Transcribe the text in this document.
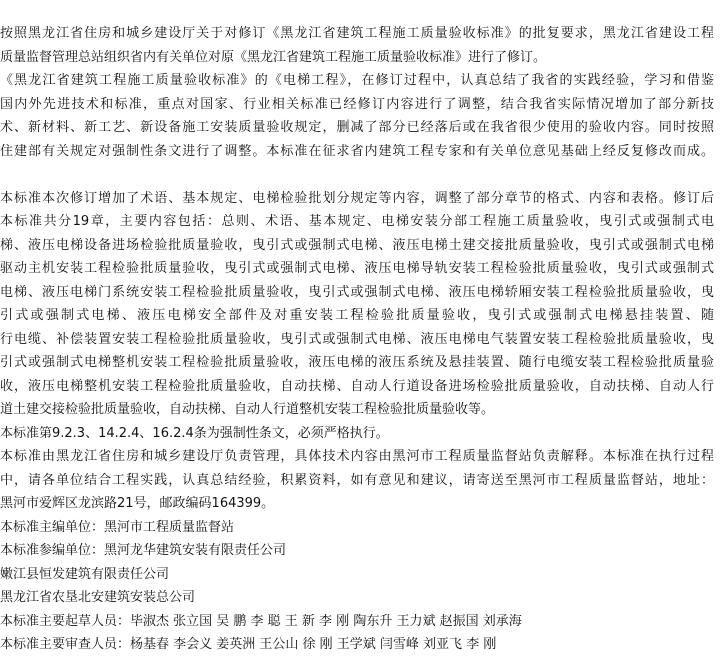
按照黑龙江省住房和城乡建设厅关于对修订《黑龙江省建筑工程施工质量验收标准》的批复要求，黑龙江省建设工程
质量监督管理总站组织省内有关单位对原《黑龙江省建筑工程施工质量验收标准》进行了修订。
《黑龙江省建筑工程施工质量验收标准》的《电梯工程》，在修订过程中，认真总结了我省的实践经验，学习和借鉴
国内外先进技术和标准，重点对国家、行业相关标准已经修订内容进行了调整，结合我省实际情况增加了部分新技
术、新材料、新工艺、新设备施工安装质量验收规定，删减了部分已经落后或在我省很少使用的验收内容。同时按照
住建部有关规定对强制性条文进行了调整。本标准在征求省内建筑工程专家和有关单位意见基础上经反复修改而成。
本标准本次修订增加了术语、基本规定、电梯检验批划分规定等内容，调整了部分章节的格式、内容和表格。修订后
本标准共分19章，主要内容包括：总则、术语、基本规定、电梯安装分部工程施工质量验收，曳引式或强制式电
梯、液压电梯设备进场检验批质量验收，曳引式或强制式电梯、液压电梯土建交接批质量验收，曳引式或强制式电梯
驱动主机安装工程检验批质量验收，曳引式或强制式电梯、液压电梯导轨安装工程检验批质量验收，曳引式或强制式
电梯、液压电梯门系统安装工程检验批质量验收，曳引式或强制式电梯、液压电梯轿厢安装工程检验批质量验收，曳
引式或强制式电梯、液压电梯安全部件及对重安装工程检验批质量验收，曳引式或强制式电梯悬挂装置、随
行电缆、补偿装置安装工程检验批质量验收，曳引式或强制式电梯、液压电梯电气装置安装工程检验批质量验收，曳
引式或强制式电梯整机安装工程检验批质量验收，液压电梯的液压系统及悬挂装置、随行电缆安装工程检验批质量验
收，液压电梯整机安装工程检验批质量验收，自动扶梯、自动人行道设备进场检验批质量验收，自动扶梯、自动人行
道土建交接检验批质量验收，自动扶梯、自动人行道整机安装工程检验批质量验收等。
本标准第9.2.3、14.2.4、16.2.4条为强制性条文，必须严格执行。
本标准由黑龙江省住房和城乡建设厅负责管理，具体技术内容由黑河市工程质量监督站负责解释。本标准在执行过程
中，请各单位结合工程实践，认真总结经验，积累资料，如有意见和建议，请寄送至黑河市工程质量监督站，地址：
黑河市爱辉区龙滨路21号，邮政编码164399。
本标准主编单位：黑河市工程质量监督站
本标准参编单位：黑河龙华建筑安装有限责任公司
嫩江县恒发建筑有限责任公司
黑龙江省农垦北安建筑安装总公司
本标准主要起草人员：毕淑杰 张立国 吴 鹏 李 聪 王 新 李 刚 陶东升 王力斌 赵振国 刘承海
本标准主要审查人员：杨基春 李会义 姜英洲 王公山 徐 刚 王学斌 闫雪峰 刘亚飞 李 刚
